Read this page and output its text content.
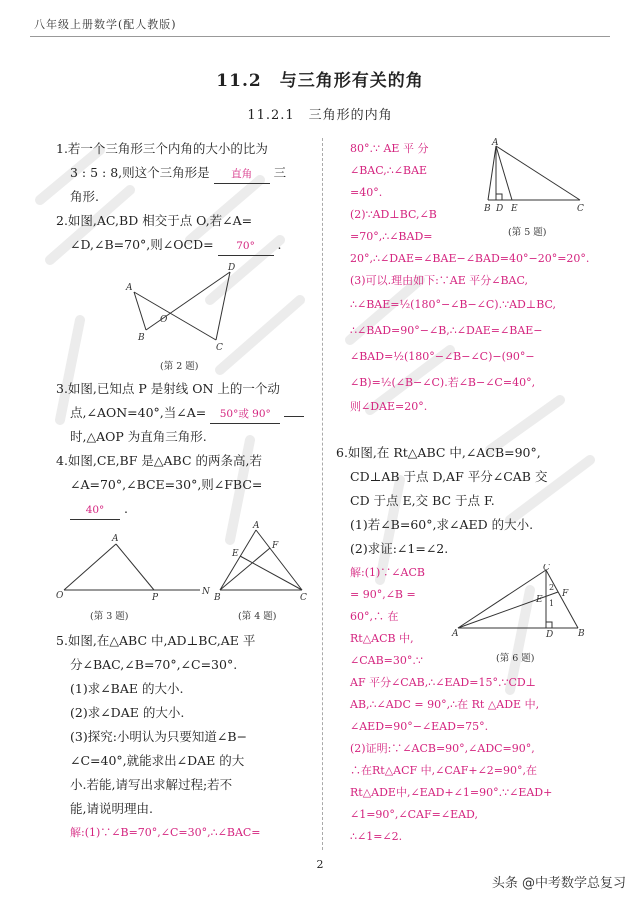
八年级上册数学(配人教版)
11.2　与三角形有关的角
11.2.1　三角形的内角
1.若一个三角形三个内角的大小的比为
3 : 5 : 8,则这个三角形是 直角 三
角形.
2.如图,AC,BD 相交于点 O,若∠A=
∠D,∠B=70°,则∠OCD= 70° .
A
B
O
C
D
(第 2 题)
3.如图,已知点 P 是射线 ON 上的一个动
点,∠AON=40°,当∠A= 50°或 90°
时,△AOP 为直角三角形.
4.如图,CE,BF 是△ABC 的两条高,若
∠A=70°,∠BCE=30°,则∠FBC=
40° .
O
A
P
N
(第 3 题)
A
B	C
E
F
(第 4 题)
5.如图,在△ABC 中,AD⊥BC,AE 平
分∠BAC,∠B=70°,∠C=30°.
(1)求∠BAE 的大小.
(2)求∠DAE 的大小.
(3)探究:小明认为只要知道∠B−
∠C=40°,就能求出∠DAE 的大
小.若能,请写出求解过程;若不
能,请说明理由.
解:(1)∵∠B=70°,∠C=30°,∴∠BAC=
80°.∵ AE 平 分
∠BAC,∴∠BAE
=40°.
(2)∵AD⊥BC,∠B
=70°,∴∠BAD=
20°,∴∠DAE=∠BAE−∠BAD=40°−20°=20°.
(3)可以.理由如下:∵AE 平分∠BAC,
∴∠BAE=½(180°−∠B−∠C).∵AD⊥BC,
∴∠BAD=90°−∠B,∴∠DAE=∠BAE−
∠BAD=½(180°−∠B−∠C)−(90°−
∠B)=½(∠B−∠C).若∠B−∠C=40°,
则∠DAE=20°.
A
B D E	C
(第 5 题)
6.如图,在 Rt△ABC 中,∠ACB=90°,
CD⊥AB 于点 D,AF 平分∠CAB 交
CD 于点 E,交 BC 于点 F.
(1)若∠B=60°,求∠AED 的大小.
(2)求证:∠1=∠2.
解:(1)∵∠ACB
= 90°,∠B =
60°,∴ 在
Rt△ACB 中,
∠CAB=30°.∵
AF 平分∠CAB,∴∠EAD=15°.∵CD⊥
AB,∴∠ADC = 90°,∴在 Rt △ADE 中,
∠AED=90°−∠EAD=75°.
(2)证明:∵∠ACB=90°,∠ADC=90°,
∴在Rt△ACF 中,∠CAF+∠2=90°,在
Rt△ADE中,∠EAD+∠1=90°.∵∠EAD+
∠1=90°,∠CAF=∠EAD,
∴∠1=∠2.
A
C
B
D
E
F
1
2
(第 6 题)
2
头条 @中考数学总复习
